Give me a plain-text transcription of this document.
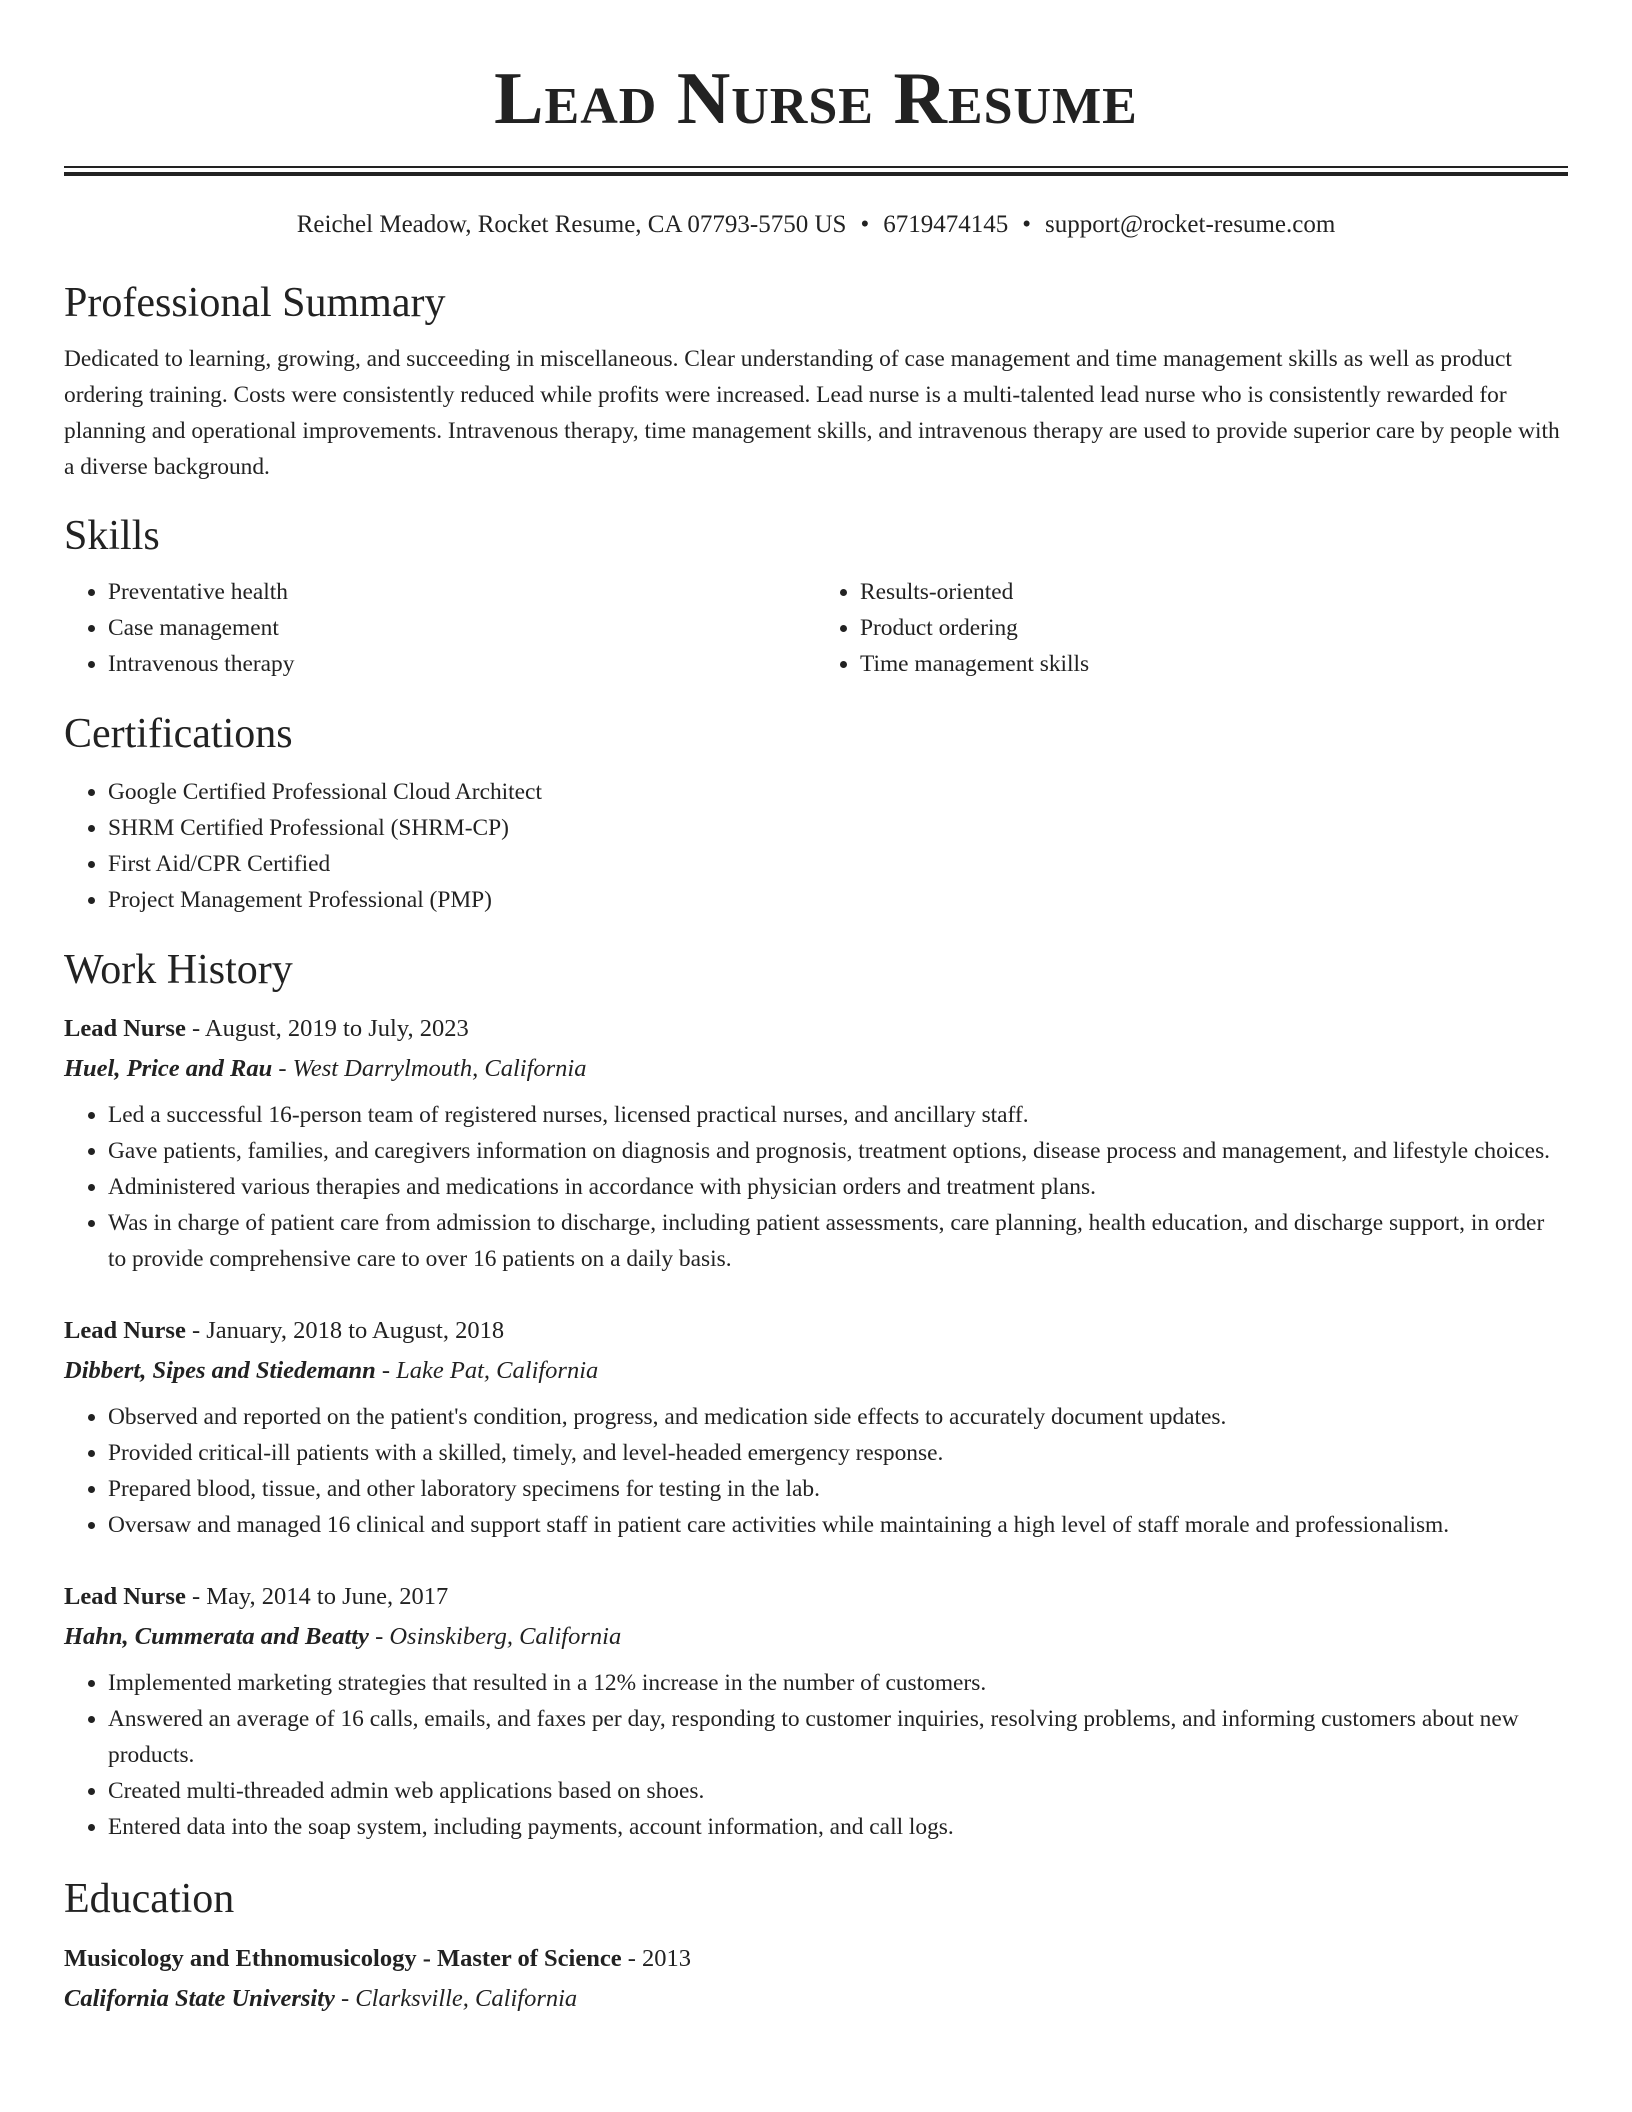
Lead Nurse Resume
Reichel Meadow, Rocket Resume, CA 07793-5750 US • 6719474145 • support@rocket-resume.com
Professional Summary

Dedicated to learning, growing, and succeeding in miscellaneous. Clear understanding of case management and time management skills as well as product ordering training. Costs were consistently reduced while profits were increased. Lead nurse is a multi-talented lead nurse who is consistently rewarded for planning and operational improvements. Intravenous therapy, time management skills, and intravenous therapy are used to provide superior care by people with a diverse background.

Skills
• Preventative health
• Case management
• Intravenous therapy
• Results-oriented
• Product ordering
• Time management skills
Certifications
• Google Certified Professional Cloud Architect
• SHRM Certified Professional (SHRM-CP)
• First Aid/CPR Certified
• Project Management Professional (PMP)
Work History
Lead Nurse - August, 2019 to July, 2023
Huel, Price and Rau - West Darrylmouth, California
• Led a successful 16-person team of registered nurses, licensed practical nurses, and ancillary staff.
• Gave patients, families, and caregivers information on diagnosis and prognosis, treatment options, disease process and management, and lifestyle choices.
• Administered various therapies and medications in accordance with physician orders and treatment plans.
• Was in charge of patient care from admission to discharge, including patient assessments, care planning, health education, and discharge support, in order to provide comprehensive care to over 16 patients on a daily basis.
Lead Nurse - January, 2018 to August, 2018
Dibbert, Sipes and Stiedemann - Lake Pat, California
• Observed and reported on the patient's condition, progress, and medication side effects to accurately document updates.
• Provided critical-ill patients with a skilled, timely, and level-headed emergency response.
• Prepared blood, tissue, and other laboratory specimens for testing in the lab.
• Oversaw and managed 16 clinical and support staff in patient care activities while maintaining a high level of staff morale and professionalism.
Lead Nurse - May, 2014 to June, 2017
Hahn, Cummerata and Beatty - Osinskiberg, California
• Implemented marketing strategies that resulted in a 12% increase in the number of customers.
• Answered an average of 16 calls, emails, and faxes per day, responding to customer inquiries, resolving problems, and informing customers about new products.
• Created multi-threaded admin web applications based on shoes.
• Entered data into the soap system, including payments, account information, and call logs.
Education
Musicology and Ethnomusicology - Master of Science - 2013
California State University - Clarksville, California
